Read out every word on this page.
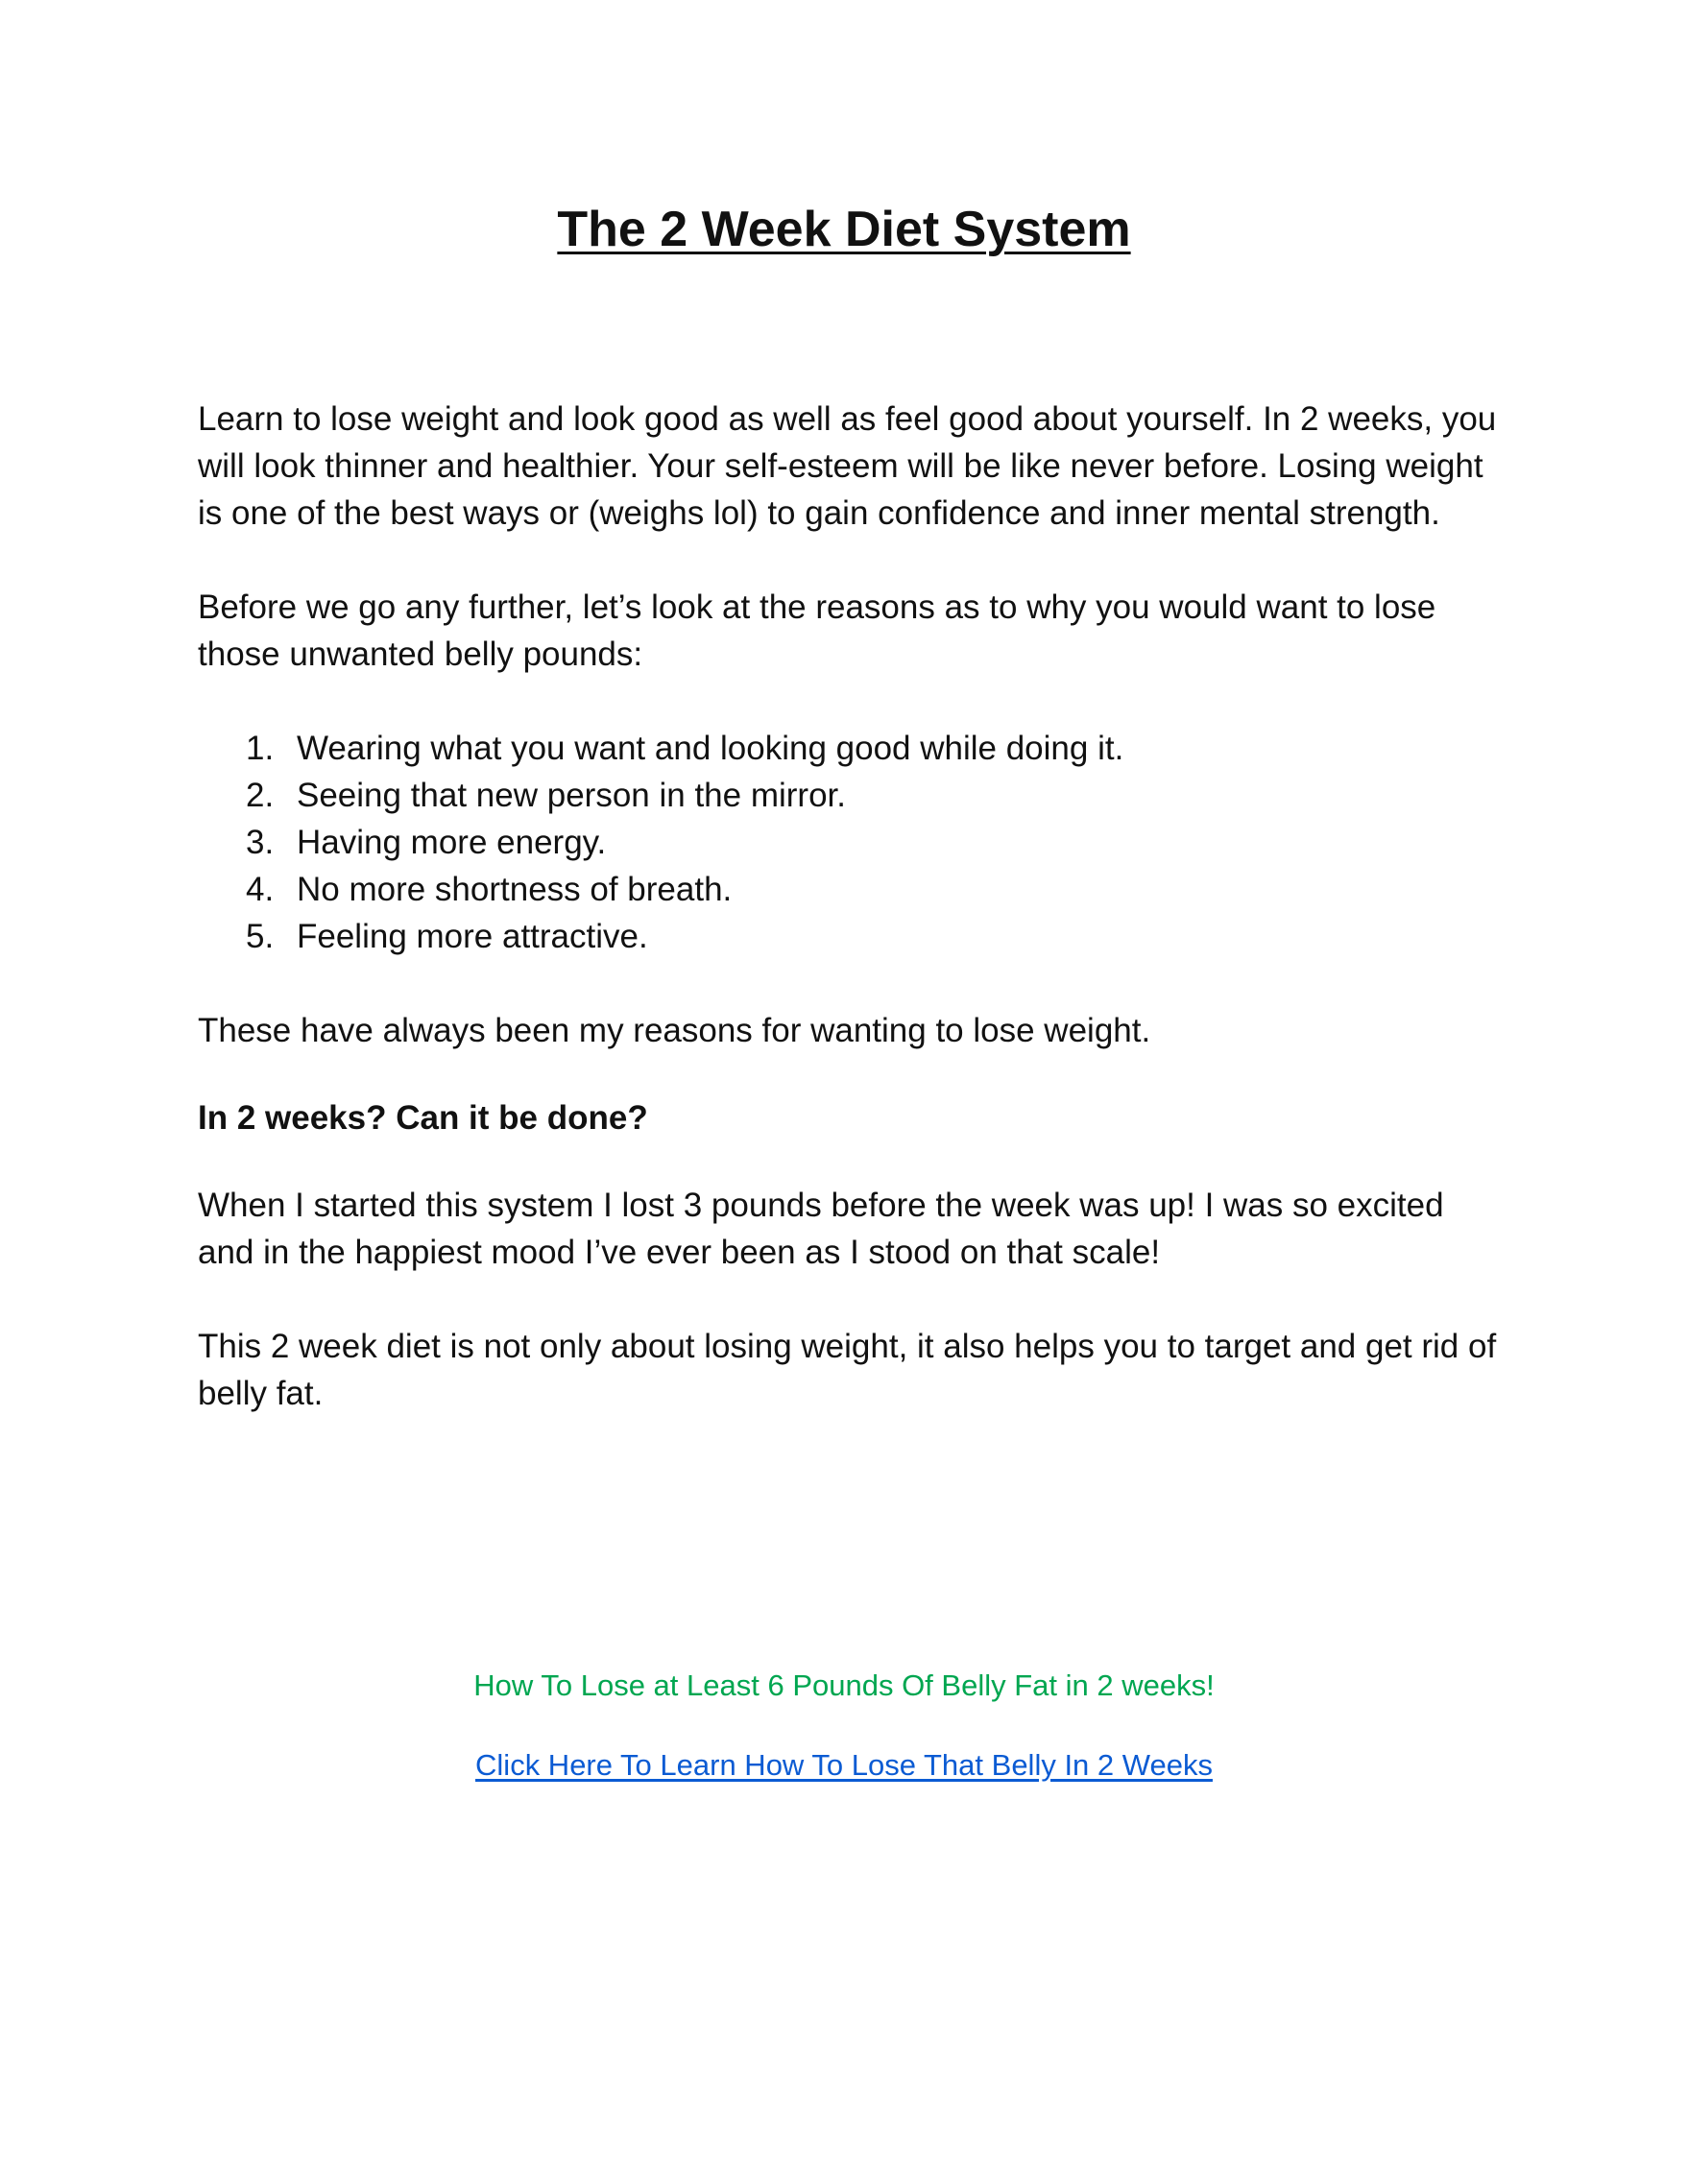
The 2 Week Diet System

Learn to lose weight and look good as well as feel good about yourself. In 2 weeks, you will look thinner and healthier. Your self-esteem will be like never before. Losing weight is one of the best ways or (weighs lol) to gain confidence and inner mental strength.

Before we go any further, let’s look at the reasons as to why you would want to lose those unwanted belly pounds:

1. Wearing what you want and looking good while doing it.
2. Seeing that new person in the mirror.
3. Having more energy.
4. No more shortness of breath.
5. Feeling more attractive.

These have always been my reasons for wanting to lose weight.

In 2 weeks? Can it be done?

When I started this system I lost 3 pounds before the week was up! I was so excited and in the happiest mood I’ve ever been as I stood on that scale!

This 2 week diet is not only about losing weight, it also helps you to target and get rid of belly fat.

How To Lose at Least 6 Pounds Of Belly Fat in 2 weeks!

Click Here To Learn How To Lose That Belly In 2 Weeks
